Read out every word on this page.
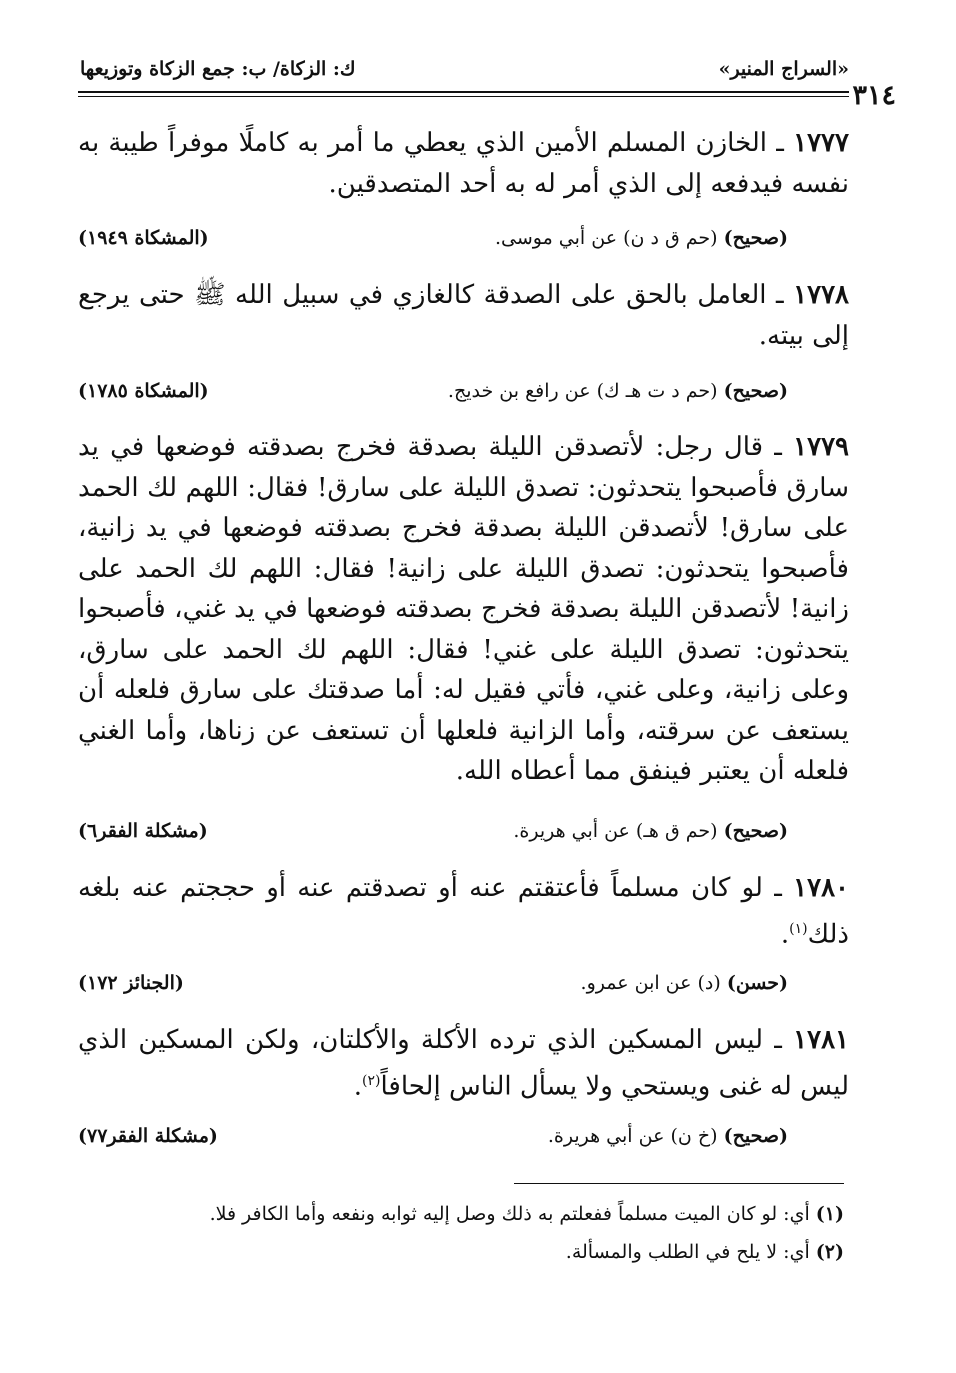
«السراج المنير»
ك: الزكاة/ ب: جمع الزكاة وتوزيعها
٣١٤
١٧٧٧ ـ الخازن المسلم الأمين الذي يعطي ما أمر به كاملًا موفراً طيبة به نفسه فيدفعه إلى الذي أمر له به أحد المتصدقين.
(صحيح) (حم ق د ن) عن أبي موسى.
(المشكاة ١٩٤٩)
١٧٧٨ ـ العامل بالحق على الصدقة كالغازي في سبيل الله ﷺ حتى يرجع إلى بيته.
(صحيح) (حم د ت هـ ك) عن رافع بن خديج.
(المشكاة ١٧٨٥)
١٧٧٩ ـ قال رجل: لأتصدقن الليلة بصدقة فخرج بصدقته فوضعها في يد سارق فأصبحوا يتحدثون: تصدق الليلة على سارق! فقال: اللهم لك الحمد على سارق! لأتصدقن الليلة بصدقة فخرج بصدقته فوضعها في يد زانية، فأصبحوا يتحدثون: تصدق الليلة على زانية! فقال: اللهم لك الحمد على زانية! لأتصدقن الليلة بصدقة فخرج بصدقته فوضعها في يد غني، فأصبحوا يتحدثون: تصدق الليلة على غني! فقال: اللهم لك الحمد على سارق، وعلى زانية، وعلى غني، فأتي فقيل له: أما صدقتك على سارق فلعله أن يستعف عن سرقته، وأما الزانية فلعلها أن تستعف عن زناها، وأما الغني فلعله أن يعتبر فينفق مما أعطاه الله.
(صحيح) (حم ق هـ) عن أبي هريرة.
(مشكلة الفقر٦)
١٧٨٠ ـ لو كان مسلماً فأعتقتم عنه أو تصدقتم عنه أو حججتم عنه بلغه ذلك$^{(١)}$.
(حسن) (د) عن ابن عمرو.
(الجنائز ١٧٢)
١٧٨١ ـ ليس المسكين الذي ترده الأكلة والأكلتان، ولكن المسكين الذي ليس له غنى ويستحي ولا يسأل الناس إلحافاً$^{(٢)}$.
(صحيح) (خ ن) عن أبي هريرة.
(مشكلة الفقر٧٧)
(١) أي: لو كان الميت مسلماً ففعلتم به ذلك وصل إليه ثوابه ونفعه وأما الكافر فلا.
(٢) أي: لا يلح في الطلب والمسألة.
